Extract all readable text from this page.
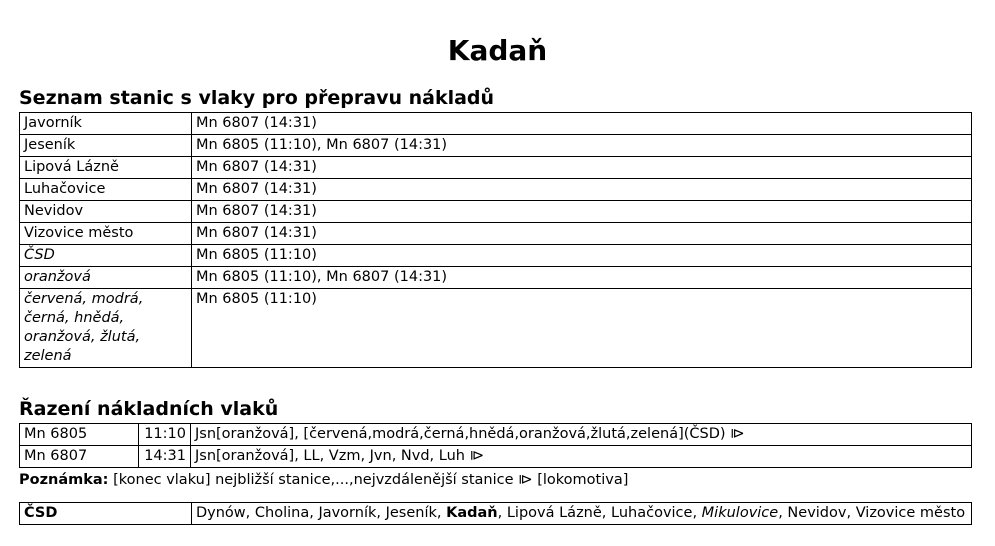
Kadaň
Seznam stanic s vlaky pro přepravu nákladů
Javorník	Mn 6807 (14:31)
Jeseník	Mn 6805 (11:10), Mn 6807 (14:31)
Lipová Lázně	Mn 6807 (14:31)
Luhačovice	Mn 6807 (14:31)
Nevidov	Mn 6807 (14:31)
Vizovice město	Mn 6807 (14:31)
ČSD	Mn 6805 (11:10)
oranžová	Mn 6805 (11:10), Mn 6807 (14:31)
červená, modrá, černá, hnědá, oranžová, žlutá, zelená	Mn 6805 (11:10)
Řazení nákladních vlaků
Mn 6805	11:10	Jsn[oranžová], [červená,modrá,černá,hnědá,oranžová,žlutá,zelená](ČSD) ⧐
Mn 6807	14:31	Jsn[oranžová], LL, Vzm, Jvn, Nvd, Luh ⧐
Poznámka: [konec vlaku] nejbližší stanice,...,nejvzdálenější stanice ⧐ [lokomotiva]
ČSD	Dynów, Cholina, Javorník, Jeseník, Kadaň, Lipová Lázně, Luhačovice, Mikulovice, Nevidov, Vizovice město
